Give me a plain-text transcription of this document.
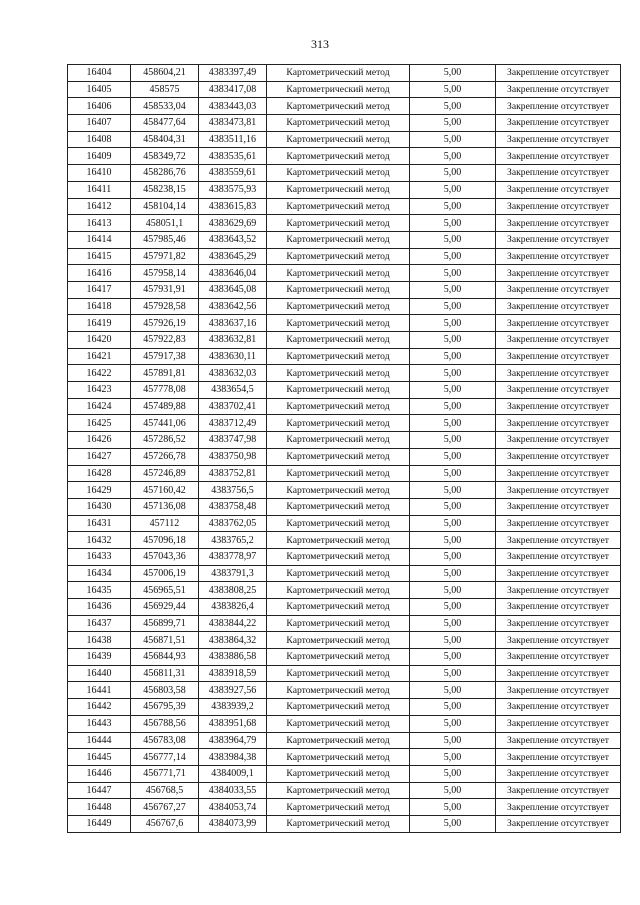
313
16404	458604,21	4383397,49	Картометрический метод	5,00	Закрепление отсутствует
16405	458575	4383417,08	Картометрический метод	5,00	Закрепление отсутствует
16406	458533,04	4383443,03	Картометрический метод	5,00	Закрепление отсутствует
16407	458477,64	4383473,81	Картометрический метод	5,00	Закрепление отсутствует
16408	458404,31	4383511,16	Картометрический метод	5,00	Закрепление отсутствует
16409	458349,72	4383535,61	Картометрический метод	5,00	Закрепление отсутствует
16410	458286,76	4383559,61	Картометрический метод	5,00	Закрепление отсутствует
16411	458238,15	4383575,93	Картометрический метод	5,00	Закрепление отсутствует
16412	458104,14	4383615,83	Картометрический метод	5,00	Закрепление отсутствует
16413	458051,1	4383629,69	Картометрический метод	5,00	Закрепление отсутствует
16414	457985,46	4383643,52	Картометрический метод	5,00	Закрепление отсутствует
16415	457971,82	4383645,29	Картометрический метод	5,00	Закрепление отсутствует
16416	457958,14	4383646,04	Картометрический метод	5,00	Закрепление отсутствует
16417	457931,91	4383645,08	Картометрический метод	5,00	Закрепление отсутствует
16418	457928,58	4383642,56	Картометрический метод	5,00	Закрепление отсутствует
16419	457926,19	4383637,16	Картометрический метод	5,00	Закрепление отсутствует
16420	457922,83	4383632,81	Картометрический метод	5,00	Закрепление отсутствует
16421	457917,38	4383630,11	Картометрический метод	5,00	Закрепление отсутствует
16422	457891,81	4383632,03	Картометрический метод	5,00	Закрепление отсутствует
16423	457778,08	4383654,5	Картометрический метод	5,00	Закрепление отсутствует
16424	457489,88	4383702,41	Картометрический метод	5,00	Закрепление отсутствует
16425	457441,06	4383712,49	Картометрический метод	5,00	Закрепление отсутствует
16426	457286,52	4383747,98	Картометрический метод	5,00	Закрепление отсутствует
16427	457266,78	4383750,98	Картометрический метод	5,00	Закрепление отсутствует
16428	457246,89	4383752,81	Картометрический метод	5,00	Закрепление отсутствует
16429	457160,42	4383756,5	Картометрический метод	5,00	Закрепление отсутствует
16430	457136,08	4383758,48	Картометрический метод	5,00	Закрепление отсутствует
16431	457112	4383762,05	Картометрический метод	5,00	Закрепление отсутствует
16432	457096,18	4383765,2	Картометрический метод	5,00	Закрепление отсутствует
16433	457043,36	4383778,97	Картометрический метод	5,00	Закрепление отсутствует
16434	457006,19	4383791,3	Картометрический метод	5,00	Закрепление отсутствует
16435	456965,51	4383808,25	Картометрический метод	5,00	Закрепление отсутствует
16436	456929,44	4383826,4	Картометрический метод	5,00	Закрепление отсутствует
16437	456899,71	4383844,22	Картометрический метод	5,00	Закрепление отсутствует
16438	456871,51	4383864,32	Картометрический метод	5,00	Закрепление отсутствует
16439	456844,93	4383886,58	Картометрический метод	5,00	Закрепление отсутствует
16440	456811,31	4383918,59	Картометрический метод	5,00	Закрепление отсутствует
16441	456803,58	4383927,56	Картометрический метод	5,00	Закрепление отсутствует
16442	456795,39	4383939,2	Картометрический метод	5,00	Закрепление отсутствует
16443	456788,56	4383951,68	Картометрический метод	5,00	Закрепление отсутствует
16444	456783,08	4383964,79	Картометрический метод	5,00	Закрепление отсутствует
16445	456777,14	4383984,38	Картометрический метод	5,00	Закрепление отсутствует
16446	456771,71	4384009,1	Картометрический метод	5,00	Закрепление отсутствует
16447	456768,5	4384033,55	Картометрический метод	5,00	Закрепление отсутствует
16448	456767,27	4384053,74	Картометрический метод	5,00	Закрепление отсутствует
16449	456767,6	4384073,99	Картометрический метод	5,00	Закрепление отсутствует
